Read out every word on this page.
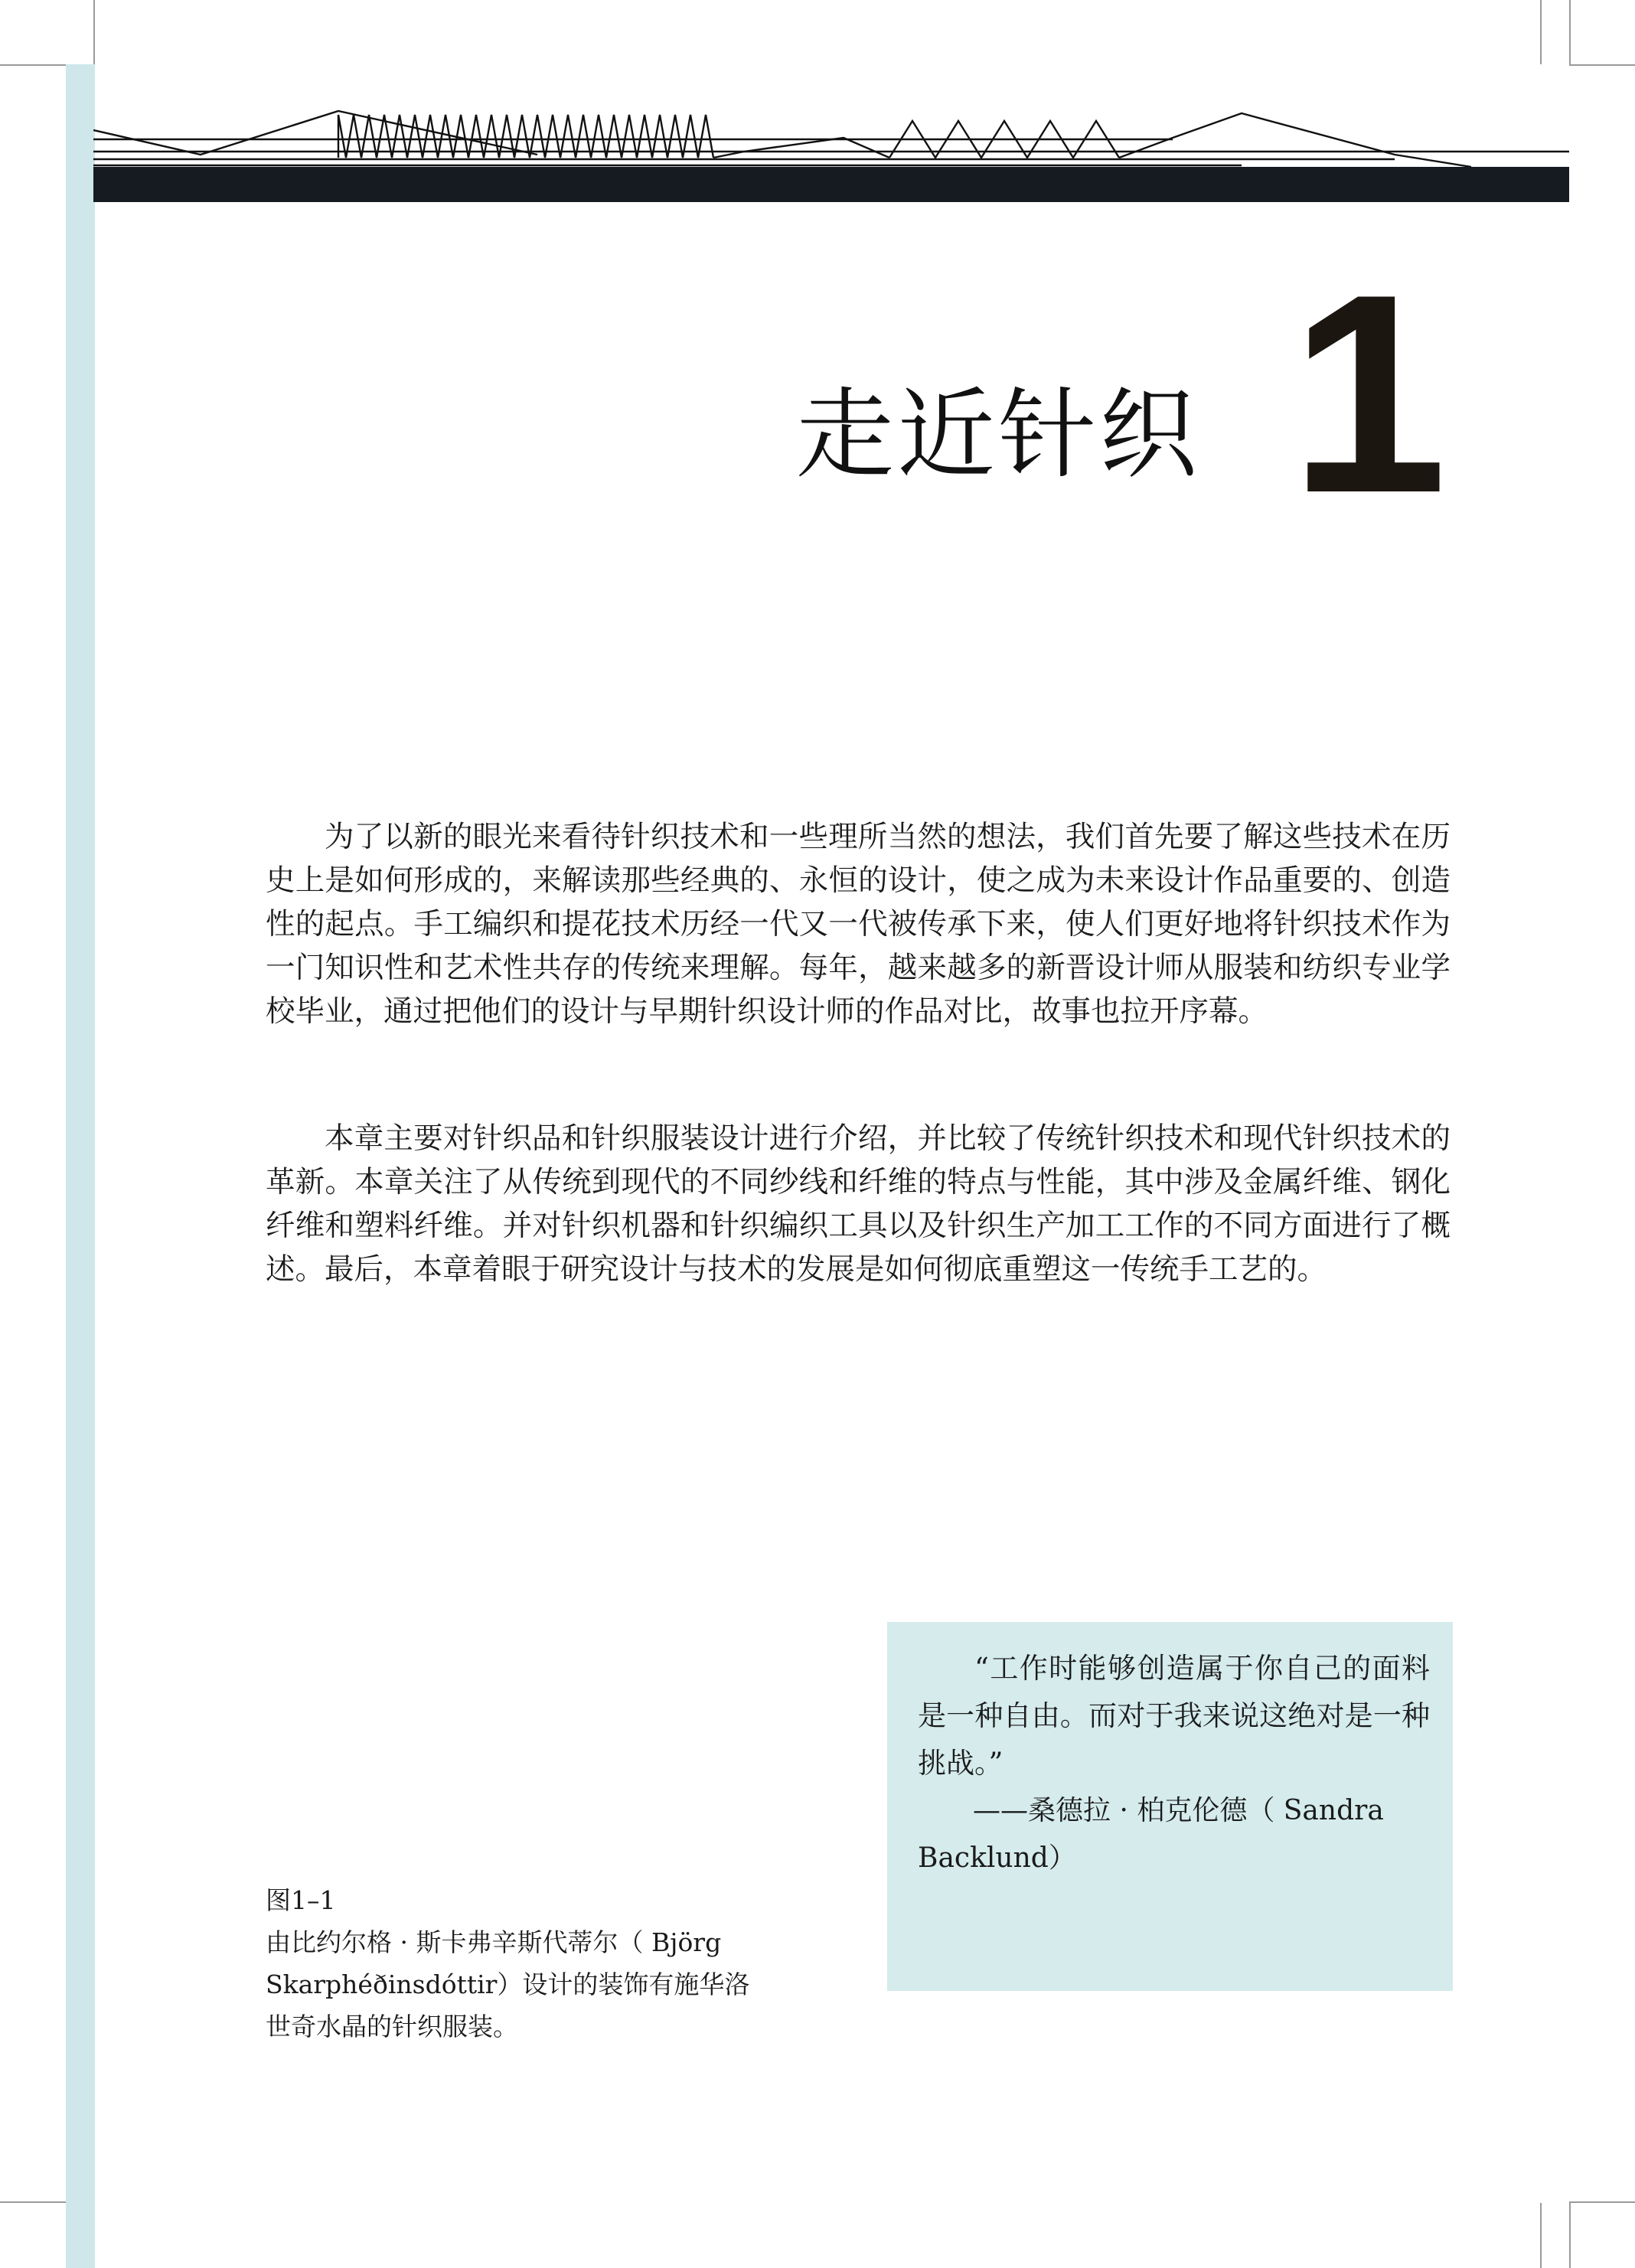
走近针织 1

为了以新的眼光来看待针织技术和一些理所当然的想法，我们首先要了解这些技术在历史上是如何形成的，来解读那些经典的、永恒的设计，使之成为未来设计作品重要的、创造性的起点。手工编织和提花技术历经一代又一代被传承下来，使人们更好地将针织技术作为一门知识性和艺术性共存的传统来理解。每年，越来越多的新晋设计师从服装和纺织专业学校毕业，通过把他们的设计与早期针织设计师的作品对比，故事也拉开序幕。

本章主要对针织品和针织服装设计进行介绍，并比较了传统针织技术和现代针织技术的革新。本章关注了从传统到现代的不同纱线和纤维的特点与性能，其中涉及金属纤维、钢化纤维和塑料纤维。并对针织机器和针织编织工具以及针织生产加工工作的不同方面进行了概述。最后，本章着眼于研究设计与技术的发展是如何彻底重塑这一传统手工艺的。

“工作时能够创造属于你自己的面料是一种自由。而对于我来说这绝对是一种挑战。”

——桑德拉 · 柏克伦德（ Sandra Backlund）

图1–1
由比约尔格 · 斯卡弗辛斯代蒂尔（ Björg Skarphéðinsdóttir）设计的装饰有施华洛世奇水晶的针织服装。
